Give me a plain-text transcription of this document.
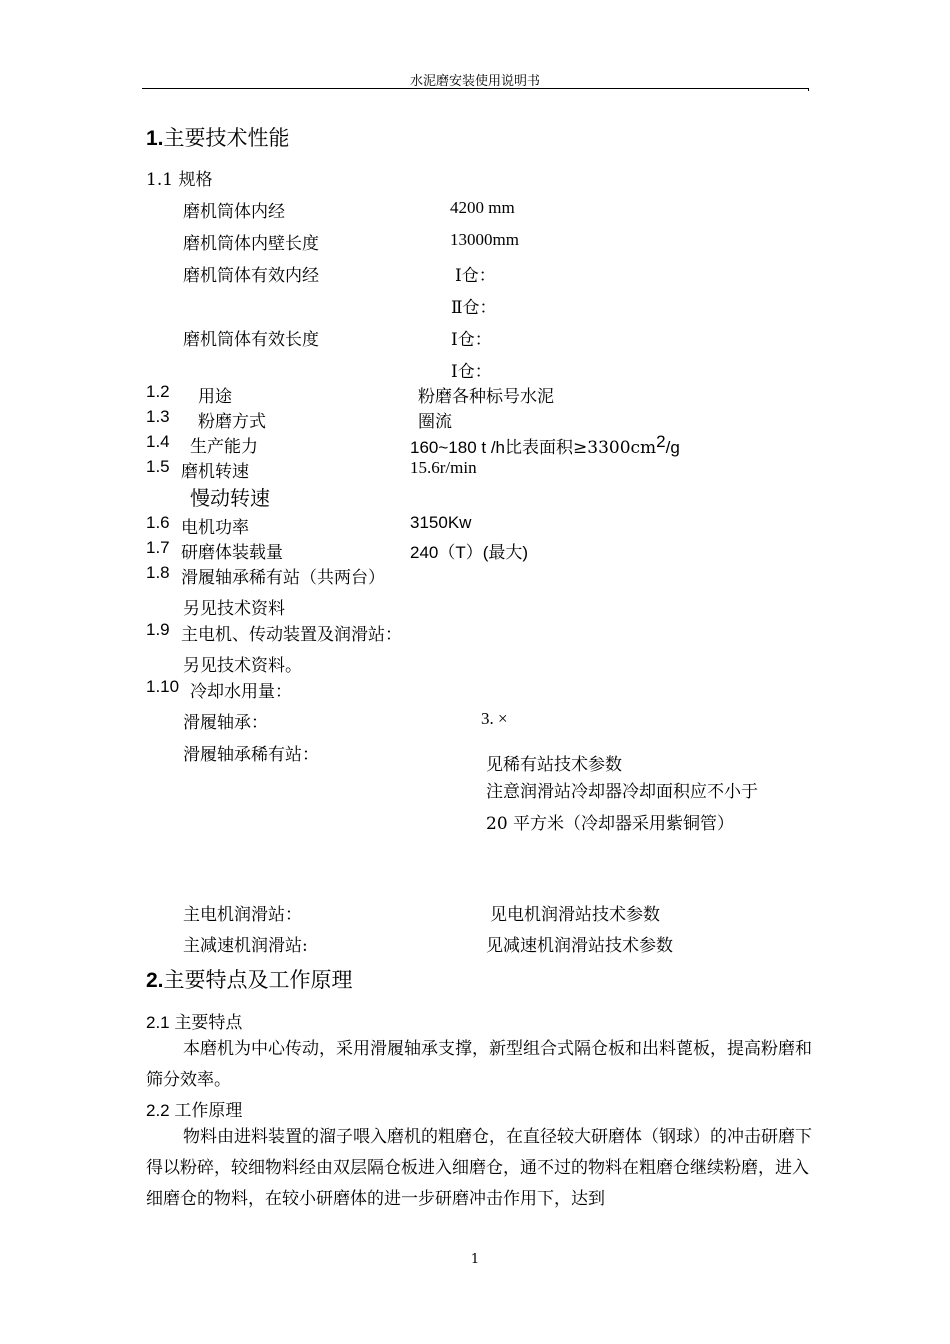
水泥磨安装使用说明书
1.主要技术性能
1.1 规格
磨机筒体内经	4200 mm
磨机筒体内壁长度	13000mm
磨机筒体有效内经	Ⅰ仓：
Ⅱ仓：
磨机筒体有效长度	Ⅰ仓：
Ⅰ仓：
1.2 用途	粉磨各种标号水泥
1.3 粉磨方式	圈流
1.4 生产能力	160~180 t /h比表面积$\ge 3300cm^2/g$
1.5 磨机转速	15.6r/min
慢动转速
1.6 电机功率	3150Kw
1.7 研磨体装载量	240（T）(最大)
1.8 滑履轴承稀有站（共两台）
另见技术资料
1.9 主电机、传动装置及润滑站：
另见技术资料。
1.10 冷却水用量：
滑履轴承：	3. ×
滑履轴承稀有站：	见稀有站技术参数
注意润滑站冷却器冷却面积应不小于 20 平方米（冷却器采用紫铜管）
主电机润滑站：	见电机润滑站技术参数
主减速机润滑站:	见减速机润滑站技术参数
2.主要特点及工作原理
2.1 主要特点
本磨机为中心传动，采用滑履轴承支撑，新型组合式隔仓板和出料蓖板，提高粉磨和筛分效率。
2.2 工作原理
物料由进料装置的溜子喂入磨机的粗磨仓，在直径较大研磨体（钢球）的冲击研磨下得以粉碎，较细物料经由双层隔仓板进入细磨仓，通不过的物料在粗磨仓继续粉磨，进入细磨仓的物料，在较小研磨体的进一步研磨冲击作用下，达到
1
